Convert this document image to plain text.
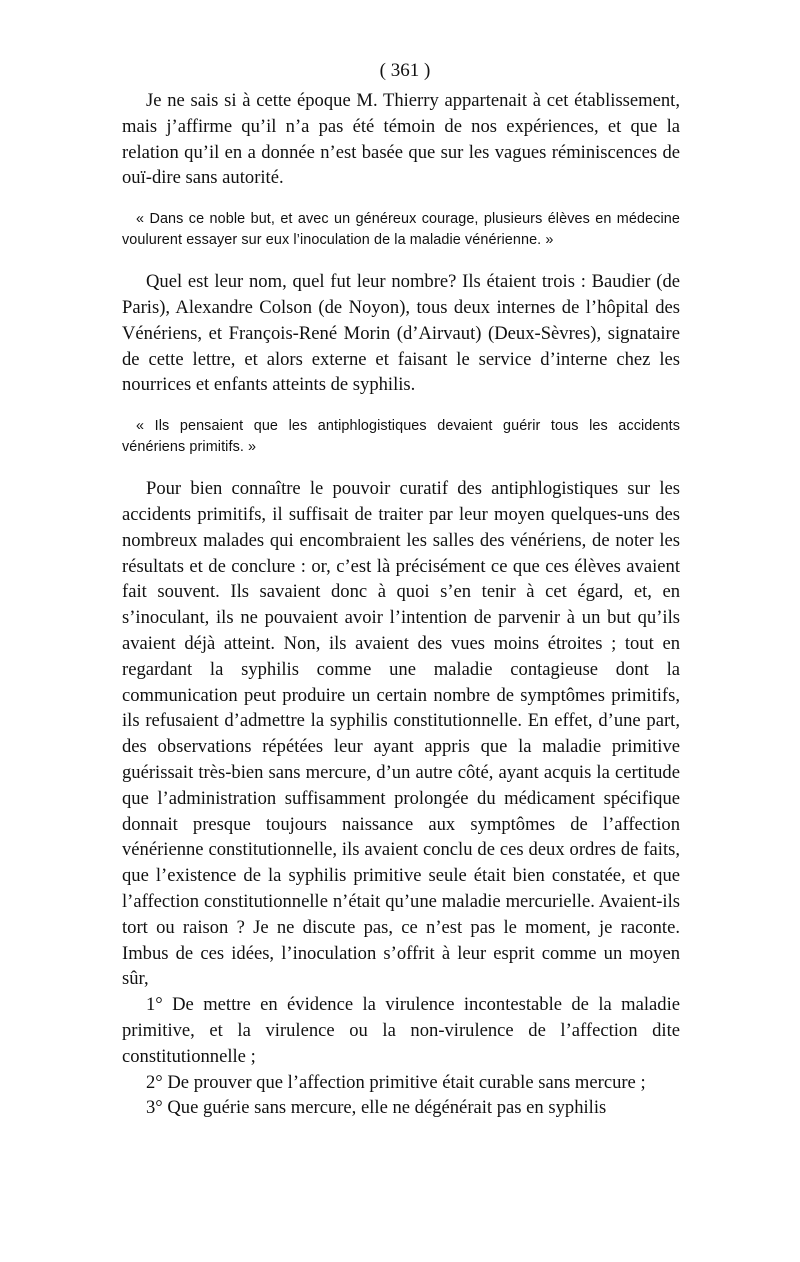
( 361 )

Je ne sais si à cette époque M. Thierry appartenait à cet établissement, mais j’affirme qu’il n’a pas été témoin de nos expériences, et que la relation qu’il en a donnée n’est basée que sur les vagues réminiscences de ouï-dire sans autorité.

« Dans ce noble but, et avec un généreux courage, plusieurs élèves en médecine voulurent essayer sur eux l’inoculation de la maladie vénérienne. »

Quel est leur nom, quel fut leur nombre? Ils étaient trois : Baudier (de Paris), Alexandre Colson (de Noyon), tous deux internes de l’hôpital des Vénériens, et François-René Morin (d’Airvaut) (Deux-Sèvres), signataire de cette lettre, et alors externe et faisant le service d’interne chez les nourrices et enfants atteints de syphilis.

« Ils pensaient que les antiphlogistiques devaient guérir tous les accidents vénériens primitifs. »

Pour bien connaître le pouvoir curatif des antiphlogistiques sur les accidents primitifs, il suffisait de traiter par leur moyen quelques-uns des nombreux malades qui encombraient les salles des vénériens, de noter les résultats et de conclure : or, c’est là précisément ce que ces élèves avaient fait souvent. Ils savaient donc à quoi s’en tenir à cet égard, et, en s’inoculant, ils ne pouvaient avoir l’intention de parvenir à un but qu’ils avaient déjà atteint. Non, ils avaient des vues moins étroites ; tout en regardant la syphilis comme une maladie contagieuse dont la communication peut produire un certain nombre de symptômes primitifs, ils refusaient d’admettre la syphilis constitutionnelle. En effet, d’une part, des observations répétées leur ayant appris que la maladie primitive guérissait très-bien sans mercure, d’un autre côté, ayant acquis la certitude que l’administration suffisamment prolongée du médicament spécifique donnait presque toujours naissance aux symptômes de l’affection vénérienne constitutionnelle, ils avaient conclu de ces deux ordres de faits, que l’existence de la syphilis primitive seule était bien constatée, et que l’affection constitutionnelle n’était qu’une maladie mercurielle. Avaient-ils tort ou raison ? Je ne discute pas, ce n’est pas le moment, je raconte. Imbus de ces idées, l’inoculation s’offrit à leur esprit comme un moyen sûr,

1° De mettre en évidence la virulence incontestable de la maladie primitive, et la virulence ou la non-virulence de l’affection dite constitutionnelle ;

2° De prouver que l’affection primitive était curable sans mercure ;

3° Que guérie sans mercure, elle ne dégénérait pas en syphilis
